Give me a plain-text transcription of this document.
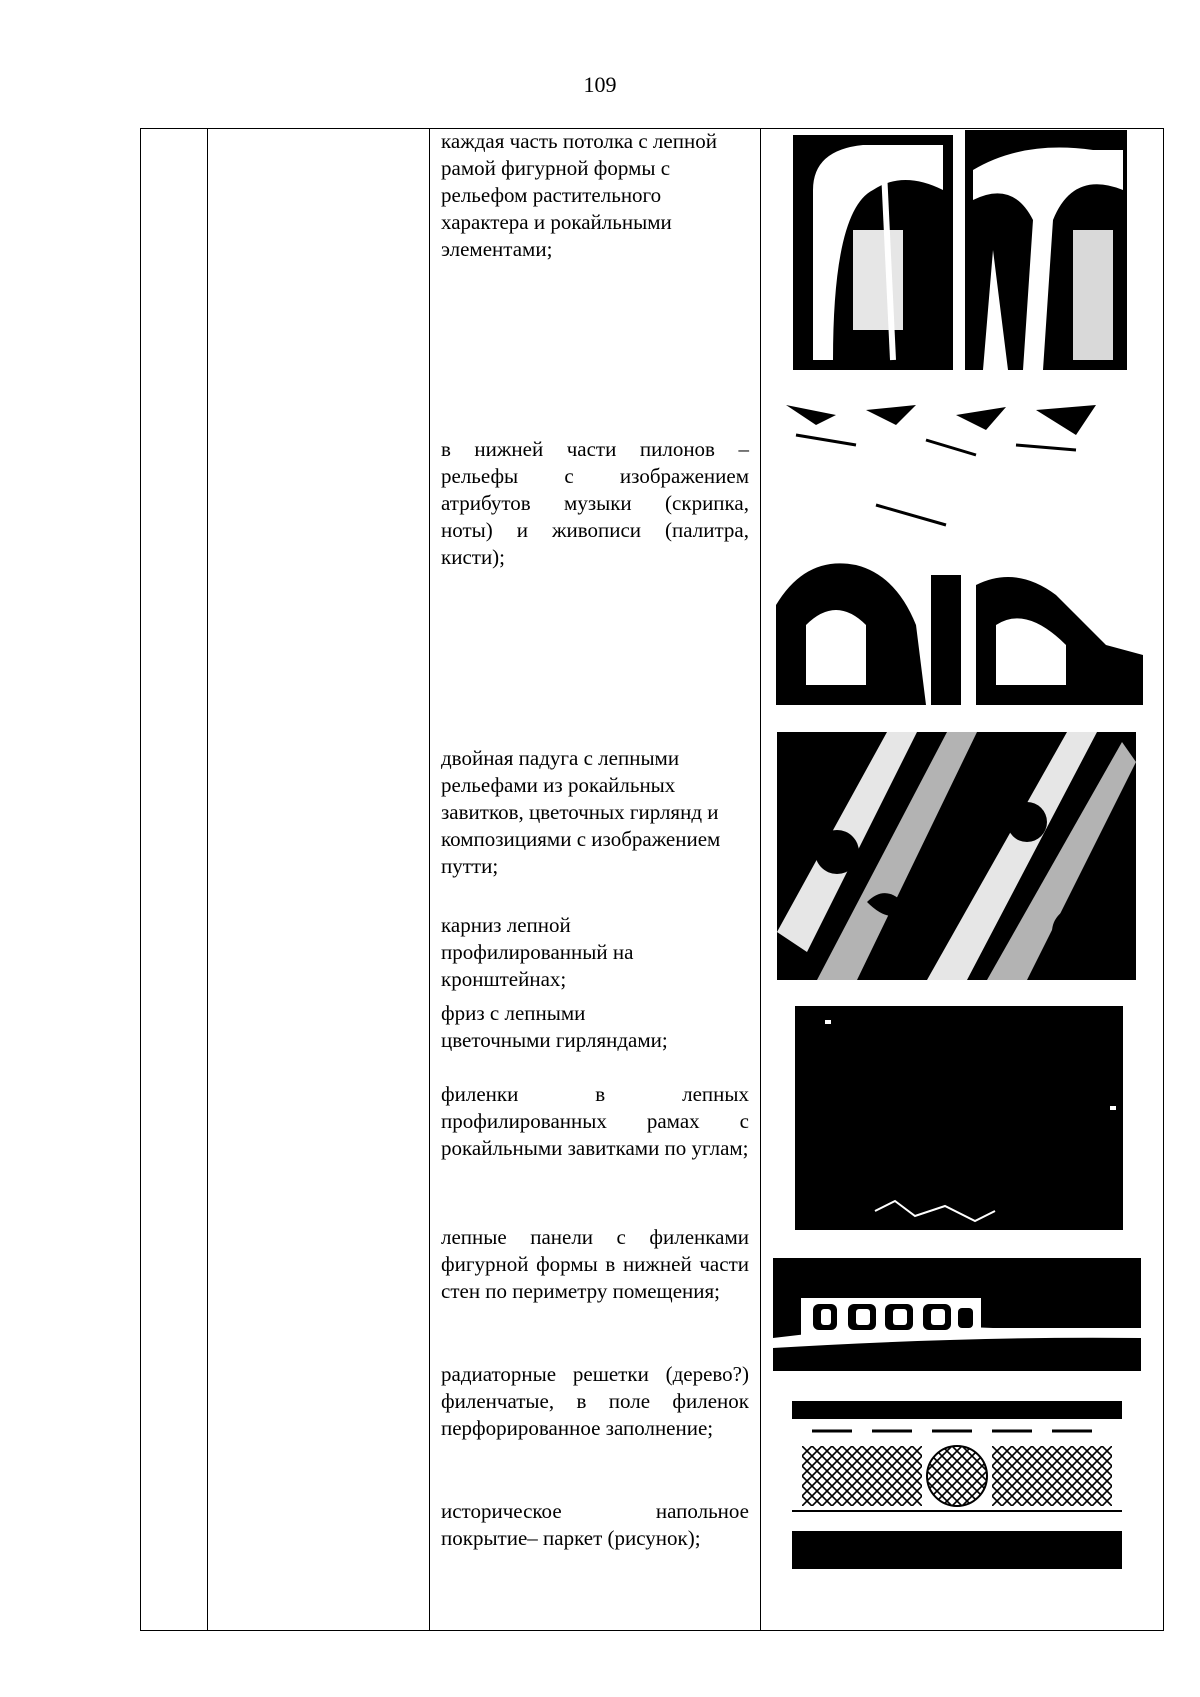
109
каждая часть потолка с лепной рамой фигурной формы с рельефом растительного характера и рокайльными элементами;
в нижней части пилонов – рельефы с изображением атрибутов музыки (скрипка, ноты) и живописи (палитра, кисти);
двойная падуга с лепными рельефами из рокайльных завитков, цветочных гирлянд и композициями с изображением путти;
карниз лепной профилированный на кронштейнах;
фриз с лепными цветочными гирляндами;
филенки в лепных профилированных рамах с рокайльными завитками по углам;
лепные панели с филенками фигурной формы в нижней части стен по периметру помещения;
радиаторные решетки (дерево?) филенчатые, в поле филенок перфорированное заполнение;
историческое напольное покрытие– паркет (рисунок);
